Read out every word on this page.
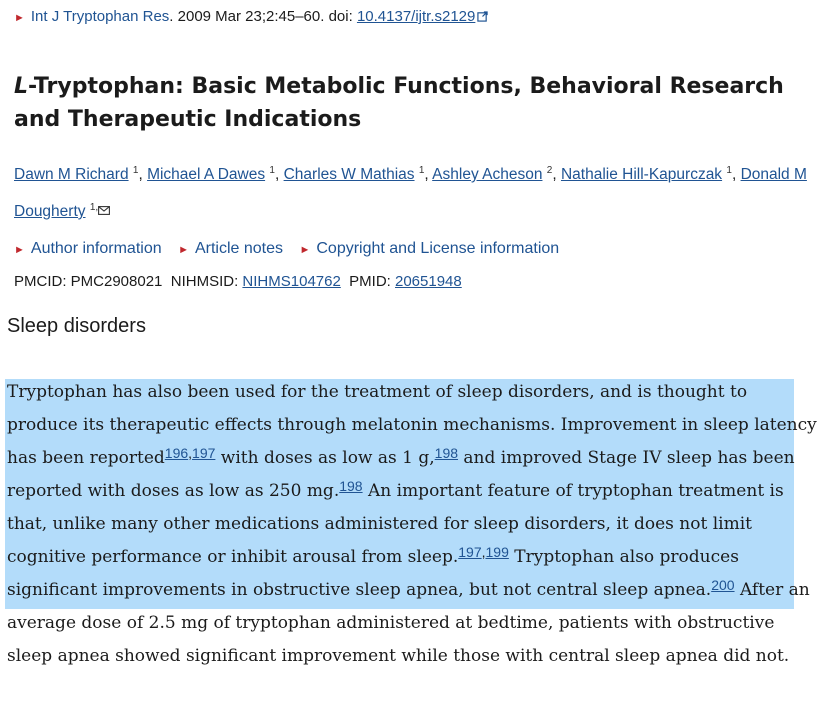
► Int J Tryptophan Res. 2009 Mar 23;2:45–60. doi: 10.4137/ijtr.s2129
L-Tryptophan: Basic Metabolic Functions, Behavioral Research and Therapeutic Indications
Dawn M Richard $^1$, Michael A Dawes $^1$, Charles W Mathias $^1$, Ashley Acheson $^2$, Nathalie Hill-Kapurczak $^1$, Donald M Dougherty $^{1,}$
► Author information ► Article notes ► Copyright and License information
PMCID: PMC2908021 NIHMSID: NIHMS104762 PMID: 20651948
Sleep disorders

Tryptophan has also been used for the treatment of sleep disorders, and is thought to produce its therapeutic effects through melatonin mechanisms. Improvement in sleep latency has been reported$^{196,197}$ with doses as low as 1 g,$^{198}$ and improved Stage IV sleep has been reported with doses as low as 250 mg.$^{198}$ An important feature of tryptophan treatment is that, unlike many other medications administered for sleep disorders, it does not limit cognitive performance or inhibit arousal from sleep.$^{197,199}$ Tryptophan also produces significant improvements in obstructive sleep apnea, but not central sleep apnea.$^{200}$ After an average dose of 2.5 mg of tryptophan administered at bedtime, patients with obstructive sleep apnea showed significant improvement while those with central sleep apnea did not.
